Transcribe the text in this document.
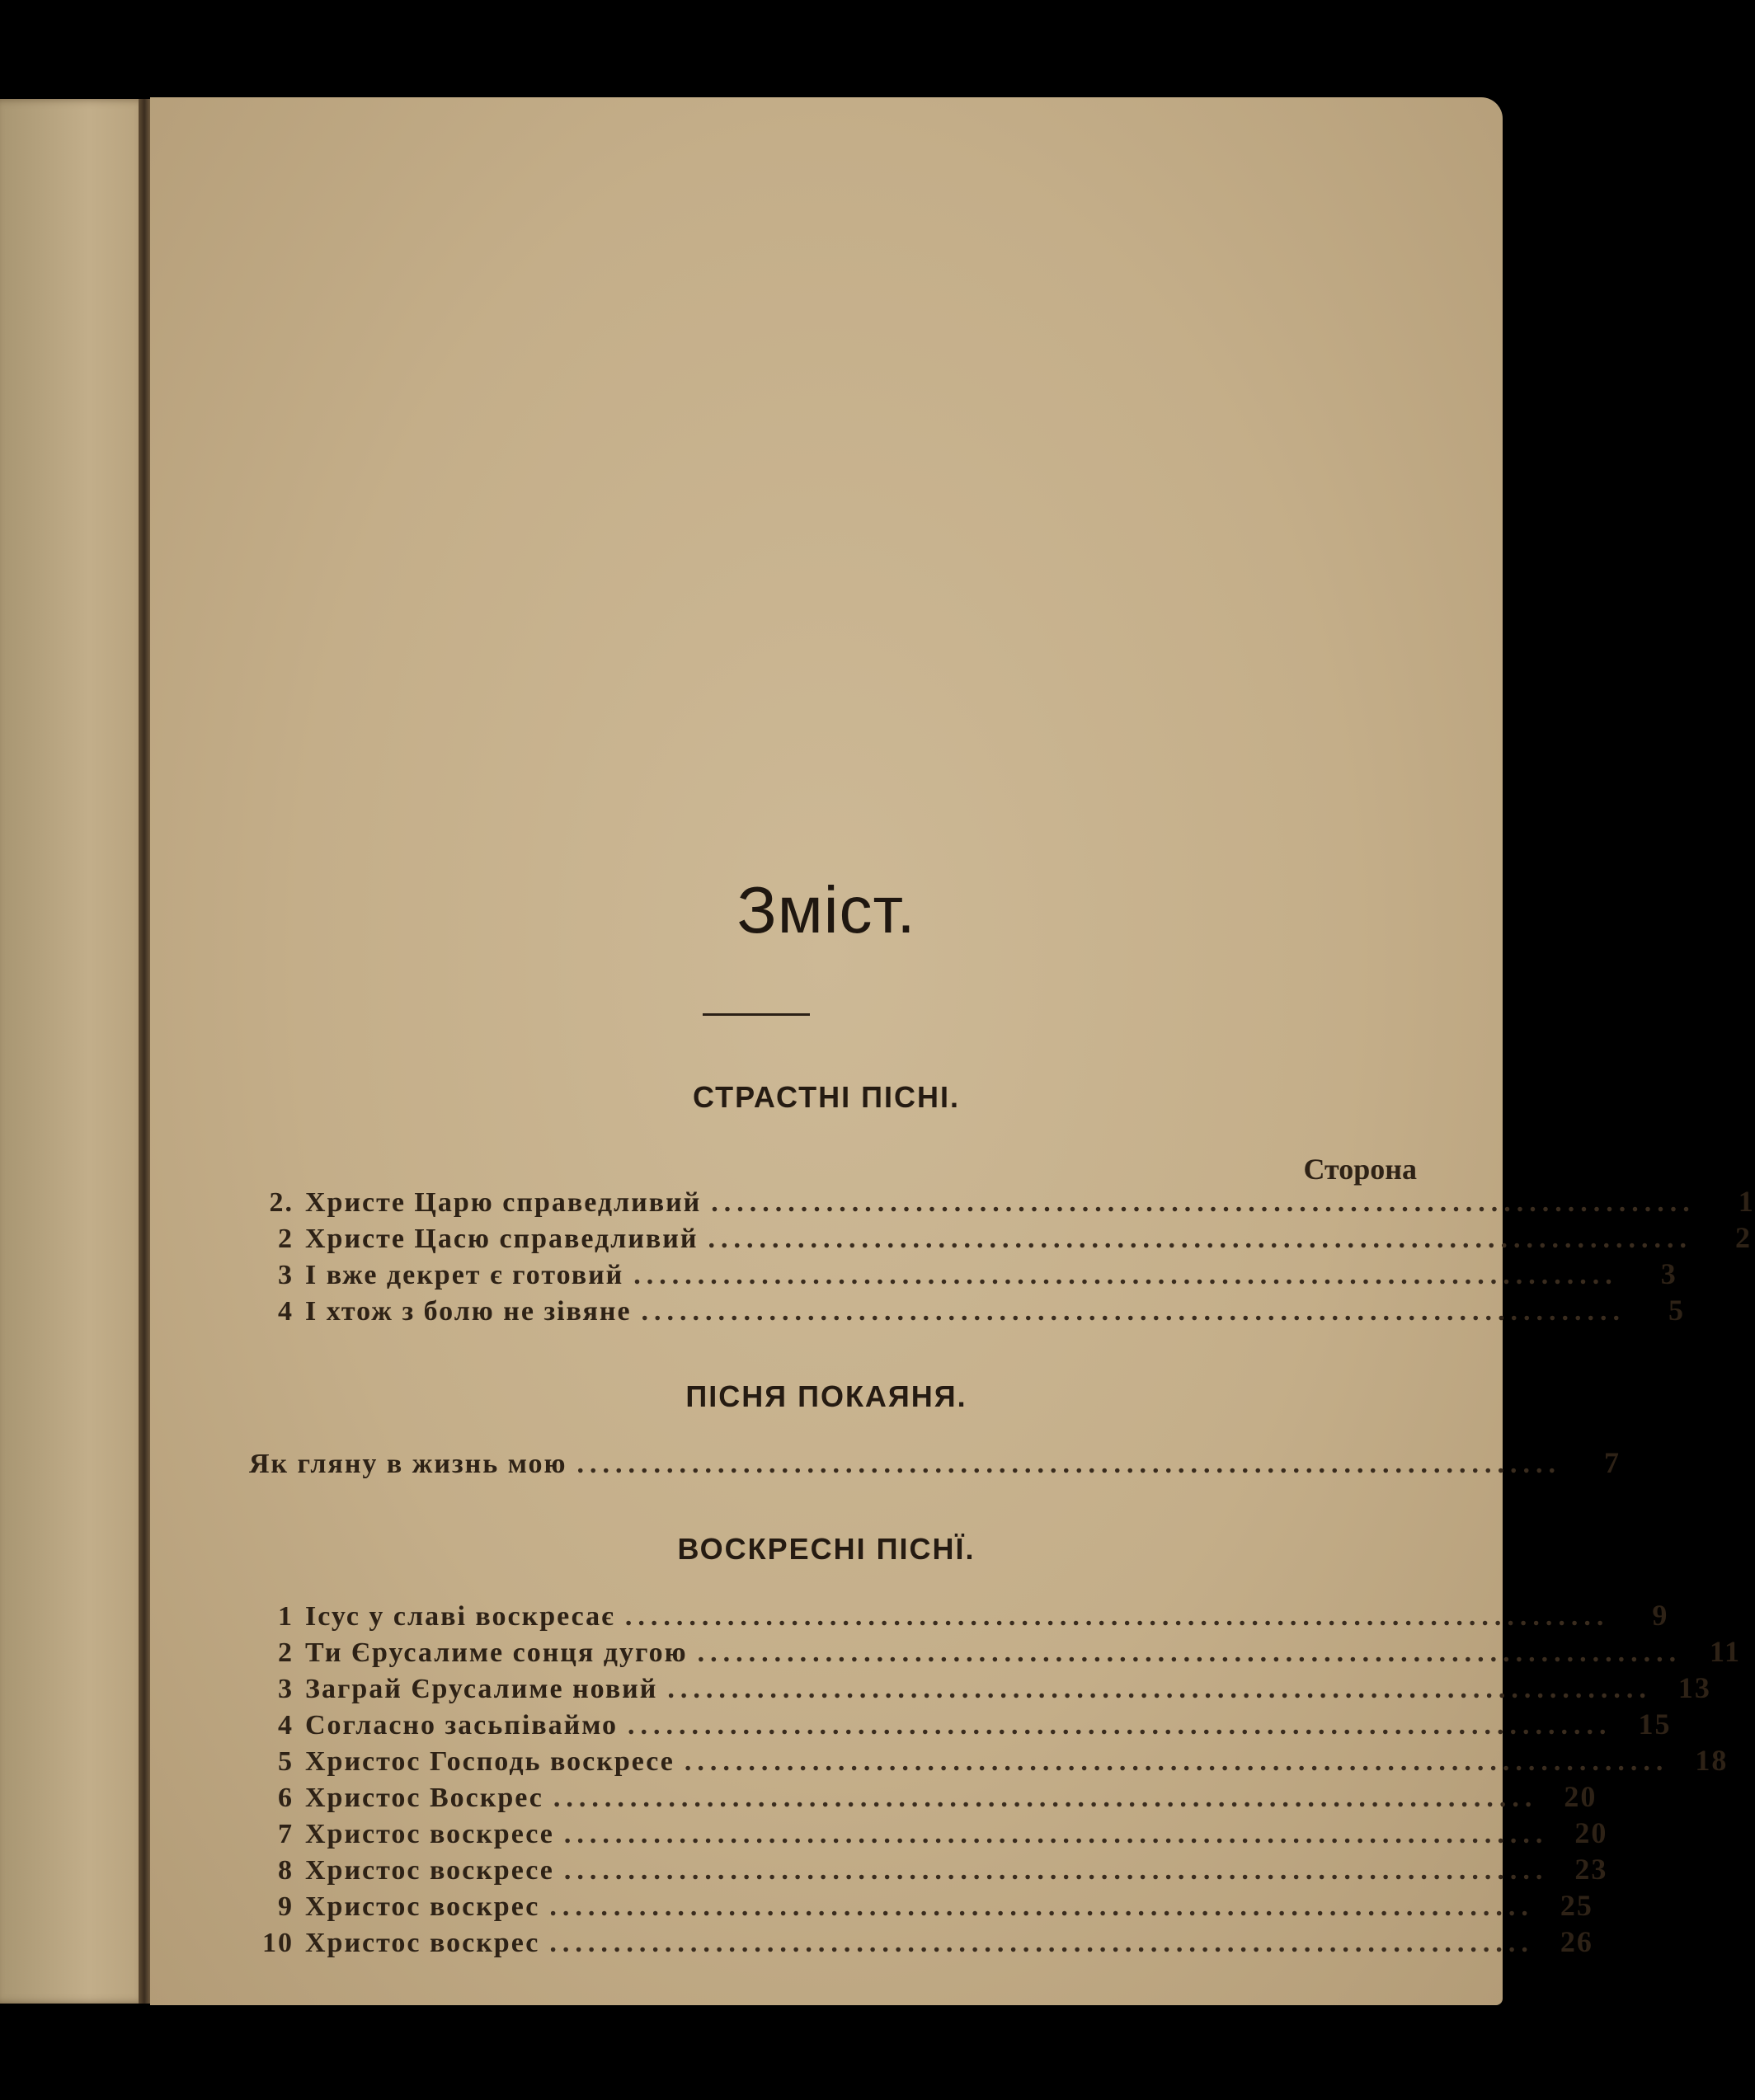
Зміст.
СТРАСТНІ ПІСНІ.
Сторона
2. Христе Царю справедливий .............................................................................	1
2 Христе Цасю справедливий .............................................................................	2
3 І вже декрет є готовий .............................................................................	3
4 І хтож з болю не зівяне .............................................................................	5
ПІСНЯ ПОКАЯНЯ.
Як гляну в жизнь мою .............................................................................	7
ВОСКРЕСНІ ПІСНЇ.
1 Ісус у славі воскресає .............................................................................	9
2 Ти Єрусалиме сонця дугою ............................................................................. 11
3 Заграй Єрусалиме новий ............................................................................. 13
4 Согласно засьпіваймо ............................................................................. 15
5 Христос Господь воскресе ............................................................................. 18
6 Христос Воскрес ............................................................................. 20
7 Христос воскресе ............................................................................. 20
8 Христос воскресе ............................................................................. 23
9 Христос воскрес ............................................................................. 25
10 Христос воскрес ............................................................................. 26
